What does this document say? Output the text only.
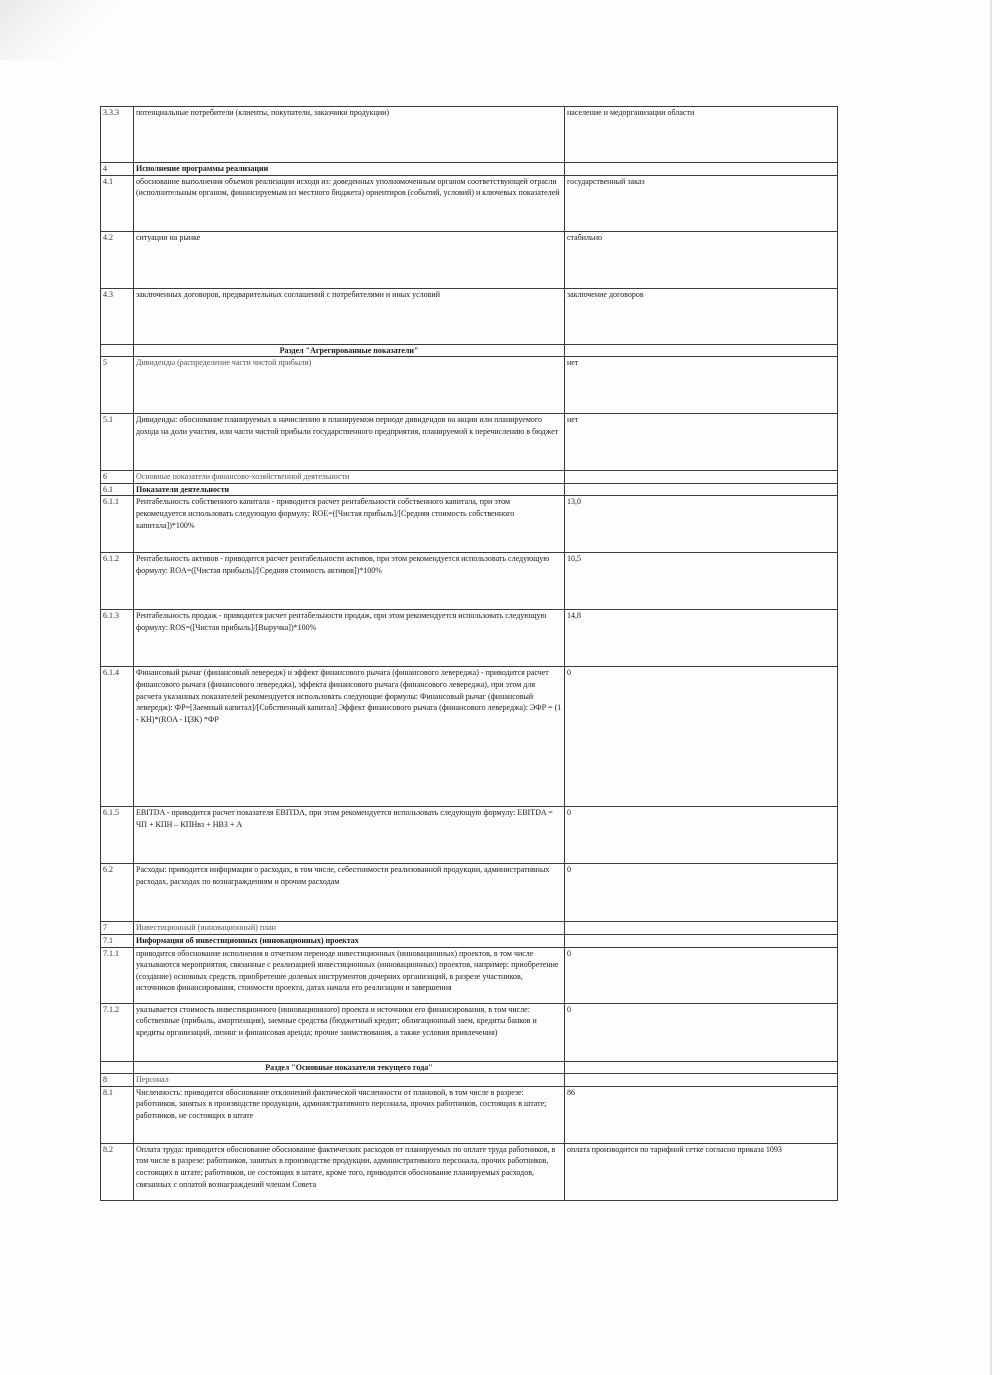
3.3.3	потенциальные потребители (клиенты, покупатели, заказчики продукции)	население и медорганизации области
4	Исполнение программы реализации	
4.1	обоснование выполнения объемов реализации исходя из: доведенных уполномоченным органом соответствующей отрасли (исполнительным органом, финансируемым из местного бюджета) ориентиров (событий, условий) и ключевых показателей	государственный заказ
4.2	ситуации на рынке	стабильно
4.3	заключенных договоров, предварительных соглашений с потребителями и иных условий	заключение договоров
	Раздел "Агрегированные показатели"	
5	Дивиденды (распределение части чистой прибыли)	нет
5.1	Дивиденды: обоснование планируемых к начислению в планируемом периоде дивидендов на акции или планируемого дохода на доли участия, или части чистой прибыли государственного предприятия, планируемой к перечислению в бюджет	нет
6	Основные показатели финансово-хозяйственной деятельности	
6.1	Показатели деятельности	
6.1.1	Рентабельность собственного капитала - приводится расчет рентабельности собственного капитала, при этом рекомендуется использовать следующую формулу: ROE=([Чистая прибыль]/[Средняя стоимость собственного капитала])*100%	13,0
6.1.2	Рентабельность активов - приводится расчет рентабельности активов, при этом рекомендуется использовать следующую формулу: ROA=([Чистая прибыль]/[Средняя стоимость активов])*100%	10,5
6.1.3	Рентабельность продаж - приводится расчет рентабельности продаж, при этом рекомендуется использовать следующую формулу: ROS=([Чистая прибыль]/[Выручка])*100%	14,8
6.1.4	Финансовый рычаг (финансовый левередж) и эффект финансового рычага (финансового левереджа) - приводится расчет финансового рычага (финансового левереджа), эффекта финансового рычага (финансового левереджа), при этом для расчета указанных показателей рекомендуется использовать следующие формулы: Финансовый рычаг (финансовый левередж): ФР=[Заемный капитал]/[Собственный капитал] Эффект финансового рычага (финансового левереджа): ЭФР = (1 - КН)*(ROA - ЦЗК) *ФР	0
6.1.5	EBITDA - приводится расчет показателя EBITDA, при этом рекомендуется использовать следующую формулу: EBITDA = ЧП + КПН – КПНвз + НВЗ + А	0
6.2	Расходы: приводится информация о расходах, в том числе, себестоимости реализованной продукции, административных расходах, расходах по вознаграждениям и прочим расходам	0
7	Инвестиционный (инновационный) план	
7.1	Информация об инвестиционных (инновационных) проектах	
7.1.1	приводится обоснование исполнения в отчетном переиоде инвестиционных (инновационных) проектов, в том числе указываются мероприятия, связанные с реализацией инвестиционных (инновационных) проектов, например: приобретение (создание) основных средств, приобретение долевых инструментов дочерних организаций, в разрезе участников, источников финансирования, стоимости проекта, датах начала его реализации и завершения	0
7.1.2	указывается стоимость инвестиционного (инновационного) проекта и источники его финансирования, в том числе: собственные (прибыль, амортизация), заемные средства (бюджетный кредит; облигационный заем, кредиты банков и кредиты организаций, лизинг и финансовая аренда; прочие заимствования, а также условия привлечения)	0
	Раздел "Основные показатели текущего года"	
8	Персонал	
8.1	Численность: приводится обоснование отклонений фактической численности от плановой, в том числе в разрезе: работников, занятых в производстве продукции, административного персонала, прочих работников, состоящих в штате; работников, не состоящих в штате	86
8.2	Оплата труда: приводится обоснование обоснование фактических расходов от планируемых по оплате труда работников, в том числе в разрезе: работников, занятых в производстве продукции, административного персонала, прочих работников, состоящих в штате; работников, не состоящих в штате, кроме того, приводится обоснование планируемых расходов, связанных с оплатой вознаграждений членам Совета	оплата производится по тарифной сетке согласно приказа 1093
